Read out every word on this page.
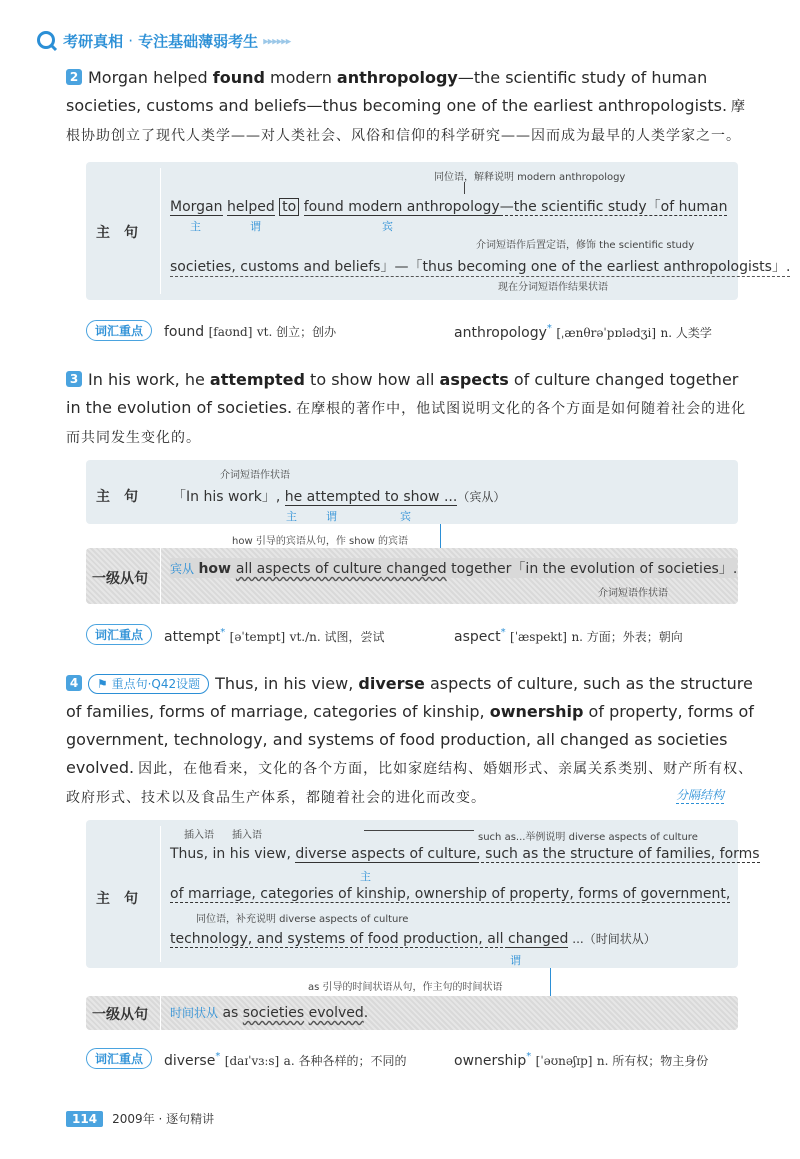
考研真相 · 专注基础薄弱考生 ▸▸▸▸▸▸
2 Morgan helped found modern anthropology—the scientific study of human societies, customs and beliefs—thus becoming one of the earliest anthropologists. 摩根协助创立了现代人类学——对人类社会、风俗和信仰的科学研究——因而成为最早的人类学家之一。
主　句
同位语，解释说明 modern anthropology
Morgan helped to found modern anthropology—the scientific study「of human
主	谓	宾
介词短语作后置定语，修饰 the scientific study
societies, customs and beliefs」—「thus becoming one of the earliest anthropologists」.
现在分词短语作结果状语
词汇重点 found [faʊnd] vt. 创立；创办	anthropology* [ˌænθrəˈpɒlədʒi] n. 人类学
3 In his work, he attempted to show how all aspects of culture changed together in the evolution of societies. 在摩根的著作中，他试图说明文化的各个方面是如何随着社会的进化而共同发生变化的。
主　句
介词短语作状语
「In his work」, he attempted to show ...（宾从）
主	谓	宾
how 引导的宾语从句，作 show 的宾语
一级从句
宾从 how all aspects of culture changed together「in the evolution of societies」.
介词短语作状语
词汇重点 attempt* [əˈtempt] vt./n. 试图，尝试	aspect* [ˈæspekt] n. 方面；外表；朝向
4 ⚑ 重点句·Q42设题 Thus, in his view, diverse aspects of culture, such as the structure of families, forms of marriage, categories of kinship, ownership of property, forms of government, technology, and systems of food production, all changed as societies evolved. 因此，在他看来，文化的各个方面，比如家庭结构、婚姻形式、亲属关系类别、财产所有权、政府形式、技术以及食品生产体系，都随着社会的进化而改变。	分隔结构
主　句
插入语 插入语	such as...举例说明 diverse aspects of culture
Thus, in his view, diverse aspects of culture, such as the structure of families, forms
主
of marriage, categories of kinship, ownership of property, forms of government,
同位语，补充说明 diverse aspects of culture
technology, and systems of food production, all changed ...（时间状从）
谓
as 引导的时间状语从句，作主句的时间状语
一级从句 时间状从 as societies evolved.
词汇重点 diverse* [daɪˈvɜːs] a. 各种各样的；不同的	ownership* [ˈəʊnəʃɪp] n. 所有权；物主身份
114 2009年 · 逐句精讲
